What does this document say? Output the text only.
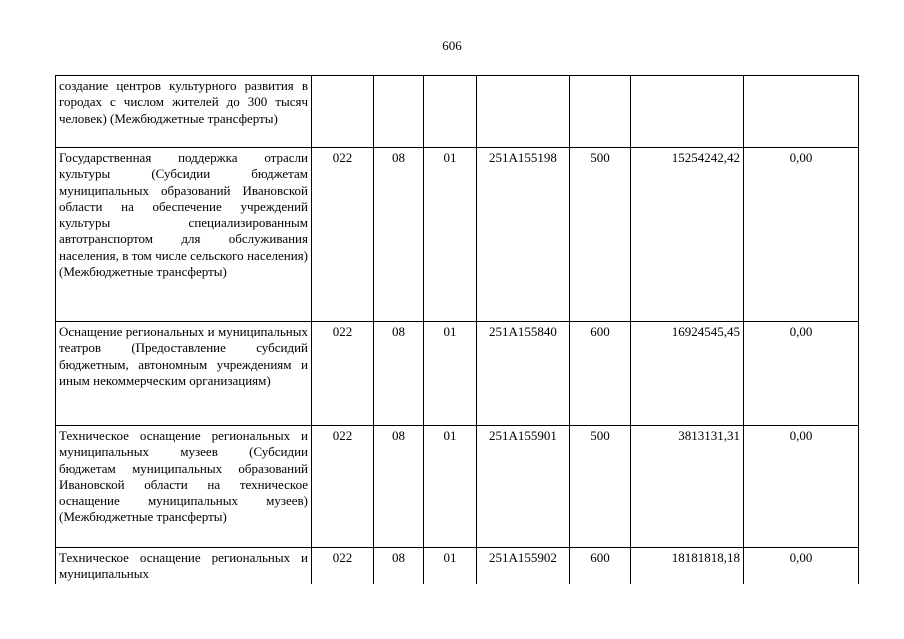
606
создание центров культурного развития в городах с числом жителей до 300 тысяч человек) (Межбюджетные трансферты)							
Государственная поддержка отрасли культуры (Субсидии бюджетам муниципальных образований Ивановской области на обеспечение учреждений культуры специализированным автотранспортом для обслуживания населения, в том числе сельского населения) (Межбюджетные трансферты)	022	08	01	251A155198	500	15254242,42	0,00
Оснащение региональных и муниципальных театров (Предоставление субсидий бюджетным, автономным учреждениям и иным некоммерческим организациям)	022	08	01	251A155840	600	16924545,45	0,00
Техническое оснащение региональных и муниципальных музеев (Субсидии бюджетам муниципальных образований Ивановской области на техническое оснащение муниципальных музеев) (Межбюджетные трансферты)	022	08	01	251A155901	500	3813131,31	0,00
Техническое оснащение региональных и муниципальных	022	08	01	251A155902	600	18181818,18	0,00
